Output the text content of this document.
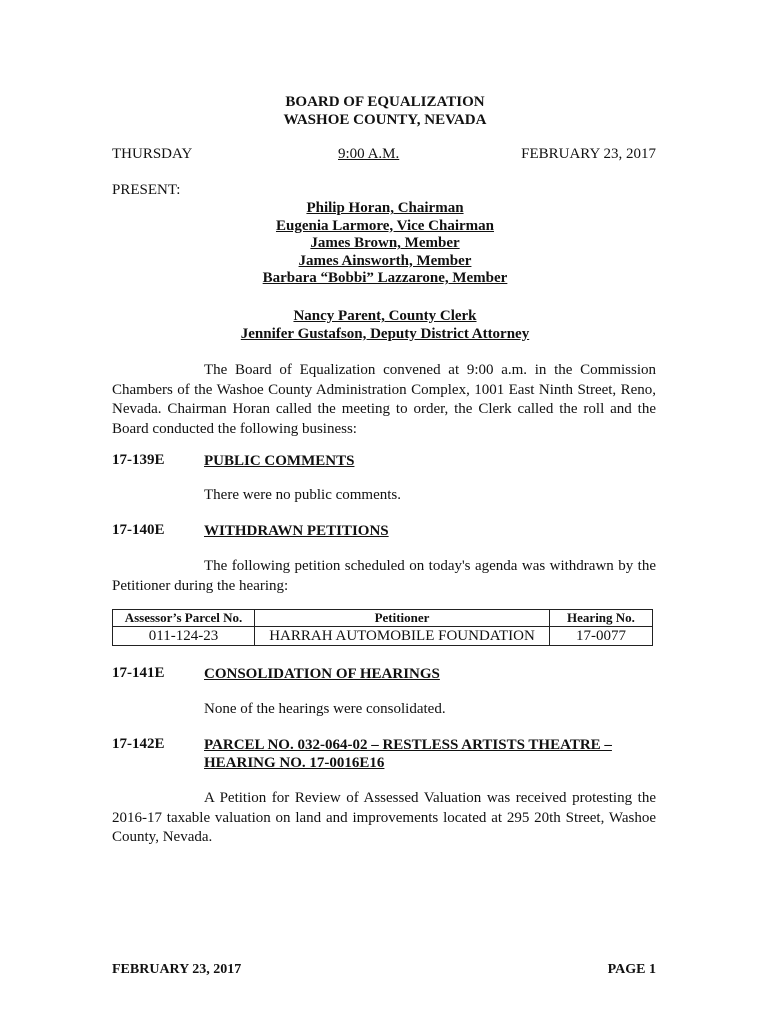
BOARD OF EQUALIZATION
WASHOE COUNTY, NEVADA
THURSDAY	9:00 A.M.	FEBRUARY 23, 2017
PRESENT:
Philip Horan, Chairman
Eugenia Larmore, Vice Chairman
James Brown, Member
James Ainsworth, Member
Barbara “Bobbi” Lazzarone, Member
Nancy Parent, County Clerk
Jennifer Gustafson, Deputy District Attorney
The Board of Equalization convened at 9:00 a.m. in the Commission Chambers of the Washoe County Administration Complex, 1001 East Ninth Street, Reno, Nevada. Chairman Horan called the meeting to order, the Clerk called the roll and the Board conducted the following business:
17-139E	PUBLIC COMMENTS
There were no public comments.
17-140E	WITHDRAWN PETITIONS
The following petition scheduled on today's agenda was withdrawn by the Petitioner during the hearing:
Assessor’s Parcel No.	Petitioner	Hearing No.
011-124-23	HARRAH AUTOMOBILE FOUNDATION	17-0077
17-141E	CONSOLIDATION OF HEARINGS
None of the hearings were consolidated.
17-142E	PARCEL NO. 032-064-02 – RESTLESS ARTISTS THEATRE –
HEARING NO. 17-0016E16
A Petition for Review of Assessed Valuation was received protesting the 2016-17 taxable valuation on land and improvements located at 295 20th Street, Washoe County, Nevada.
FEBRUARY 23, 2017	PAGE 1
